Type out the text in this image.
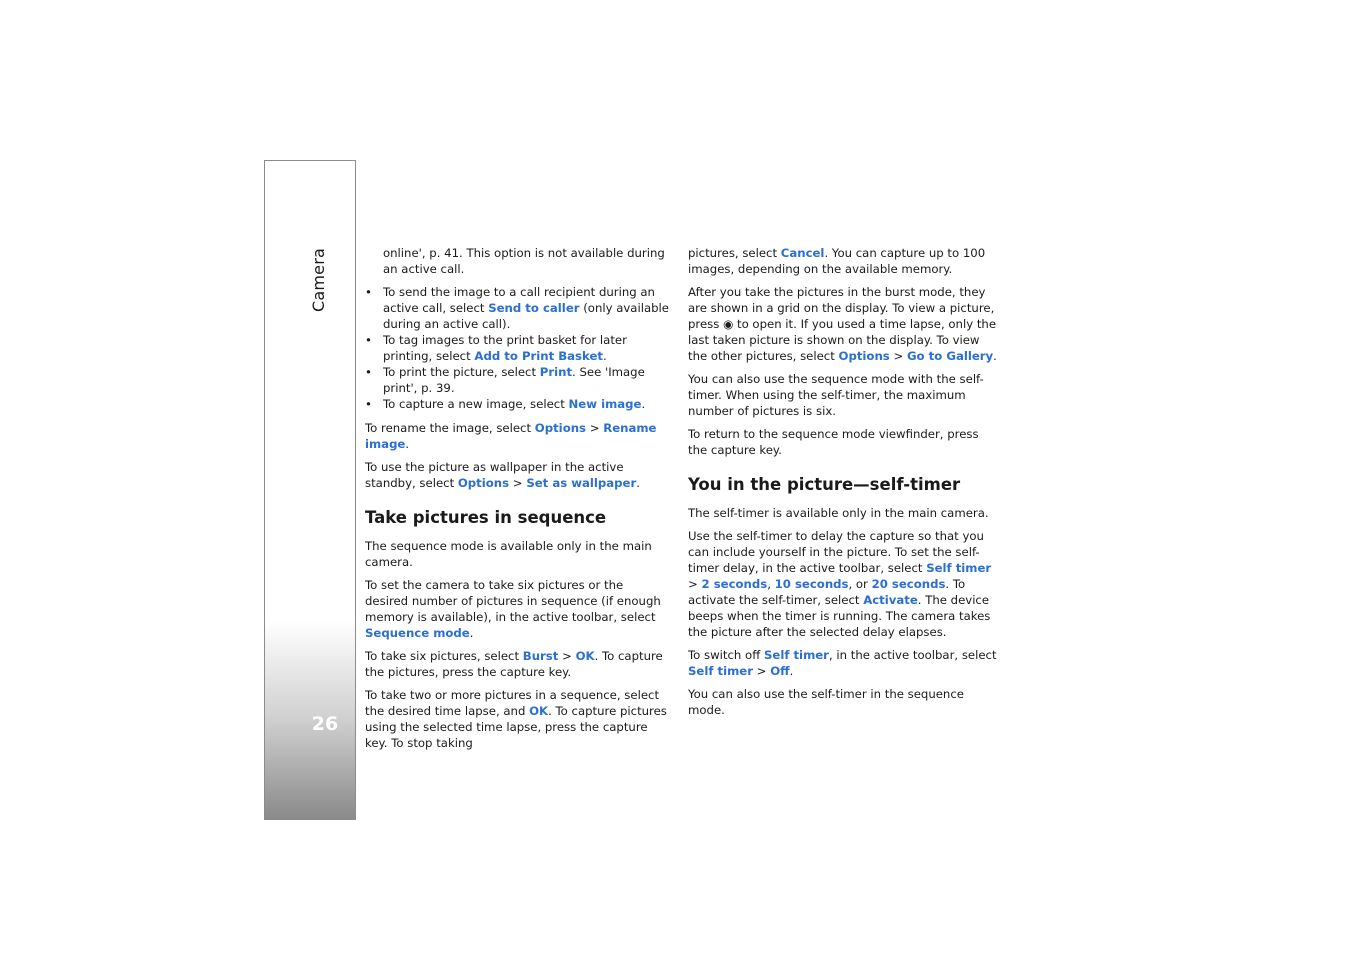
Camera
26

online', p. 41. This option is not available during an active call.

• To send the image to a call recipient during an active call, select Send to caller (only available during an active call).
• To tag images to the print basket for later printing, select Add to Print Basket.
• To print the picture, select Print. See 'Image print', p. 39.
• To capture a new image, select New image.

To rename the image, select Options > Rename image.

To use the picture as wallpaper in the active standby, select Options > Set as wallpaper.

Take pictures in sequence

The sequence mode is available only in the main camera.

To set the camera to take six pictures or the desired number of pictures in sequence (if enough memory is available), in the active toolbar, select Sequence mode.

To take six pictures, select Burst > OK. To capture the pictures, press the capture key.

To take two or more pictures in a sequence, select the desired time lapse, and OK. To capture pictures using the selected time lapse, press the capture key. To stop taking

pictures, select Cancel. You can capture up to 100 images, depending on the available memory.

After you take the pictures in the burst mode, they are shown in a grid on the display. To view a picture, press ◉ to open it. If you used a time lapse, only the last taken picture is shown on the display. To view the other pictures, select Options > Go to Gallery.

You can also use the sequence mode with the self-timer. When using the self-timer, the maximum number of pictures is six.

To return to the sequence mode viewfinder, press the capture key.

You in the picture—self-timer

The self-timer is available only in the main camera.

Use the self-timer to delay the capture so that you can include yourself in the picture. To set the self-timer delay, in the active toolbar, select Self timer > 2 seconds, 10 seconds, or 20 seconds. To activate the self-timer, select Activate. The device beeps when the timer is running. The camera takes the picture after the selected delay elapses.

To switch off Self timer, in the active toolbar, select Self timer > Off.

You can also use the self-timer in the sequence mode.
